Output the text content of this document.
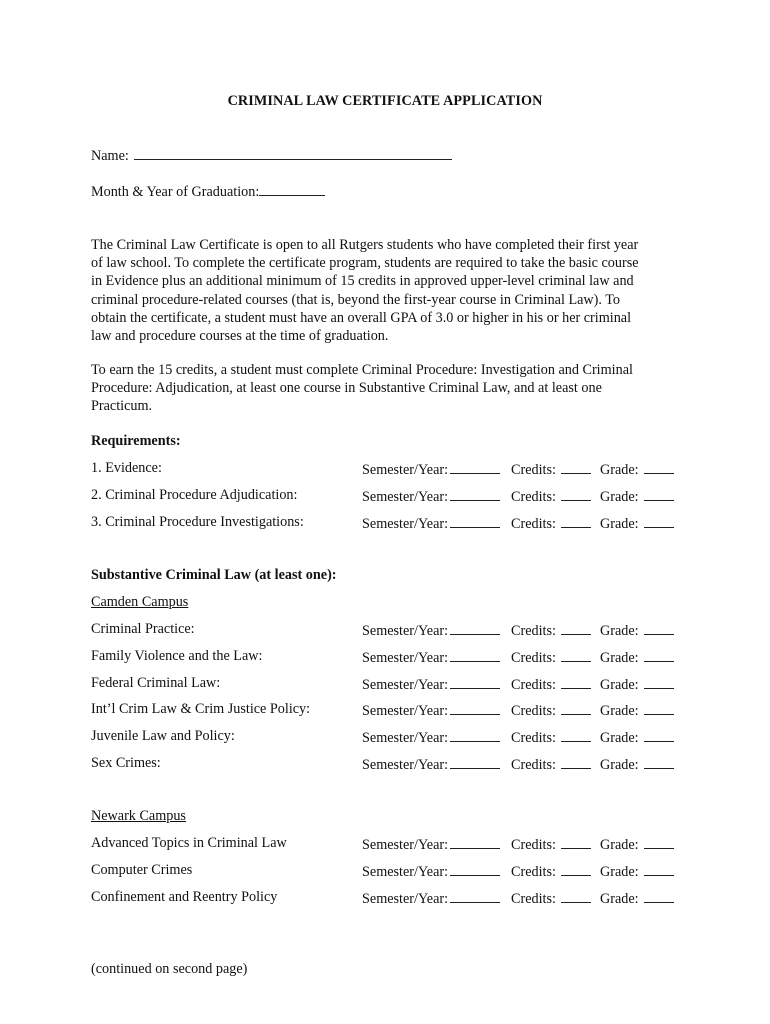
CRIMINAL LAW CERTIFICATE APPLICATION
Name:
Month & Year of Graduation:
The Criminal Law Certificate is open to all Rutgers students who have completed their first year
of law school. To complete the certificate program, students are required to take the basic course
in Evidence plus an additional minimum of 15 credits in approved upper-level criminal law and
criminal procedure-related courses (that is, beyond the first-year course in Criminal Law). To
obtain the certificate, a student must have an overall GPA of 3.0 or higher in his or her criminal
law and procedure courses at the time of graduation.
To earn the 15 credits, a student must complete Criminal Procedure: Investigation and Criminal
Procedure: Adjudication, at least one course in Substantive Criminal Law, and at least one
Practicum.
Requirements:
1. Evidence:	Semester/Year:	Credits:	Grade:
2. Criminal Procedure Adjudication:	Semester/Year:	Credits:	Grade:
3. Criminal Procedure Investigations:	Semester/Year:	Credits:	Grade:
Substantive Criminal Law (at least one):
Camden Campus
Criminal Practice:	Semester/Year:	Credits:	Grade:
Family Violence and the Law:	Semester/Year:	Credits:	Grade:
Federal Criminal Law:	Semester/Year:	Credits:	Grade:
Int’l Crim Law & Crim Justice Policy:	Semester/Year:	Credits:	Grade:
Juvenile Law and Policy:	Semester/Year:	Credits:	Grade:
Sex Crimes:	Semester/Year:	Credits:	Grade:
Newark Campus
Advanced Topics in Criminal Law	Semester/Year:	Credits:	Grade:
Computer Crimes	Semester/Year:	Credits:	Grade:
Confinement and Reentry Policy	Semester/Year:	Credits:	Grade:
(continued on second page)
